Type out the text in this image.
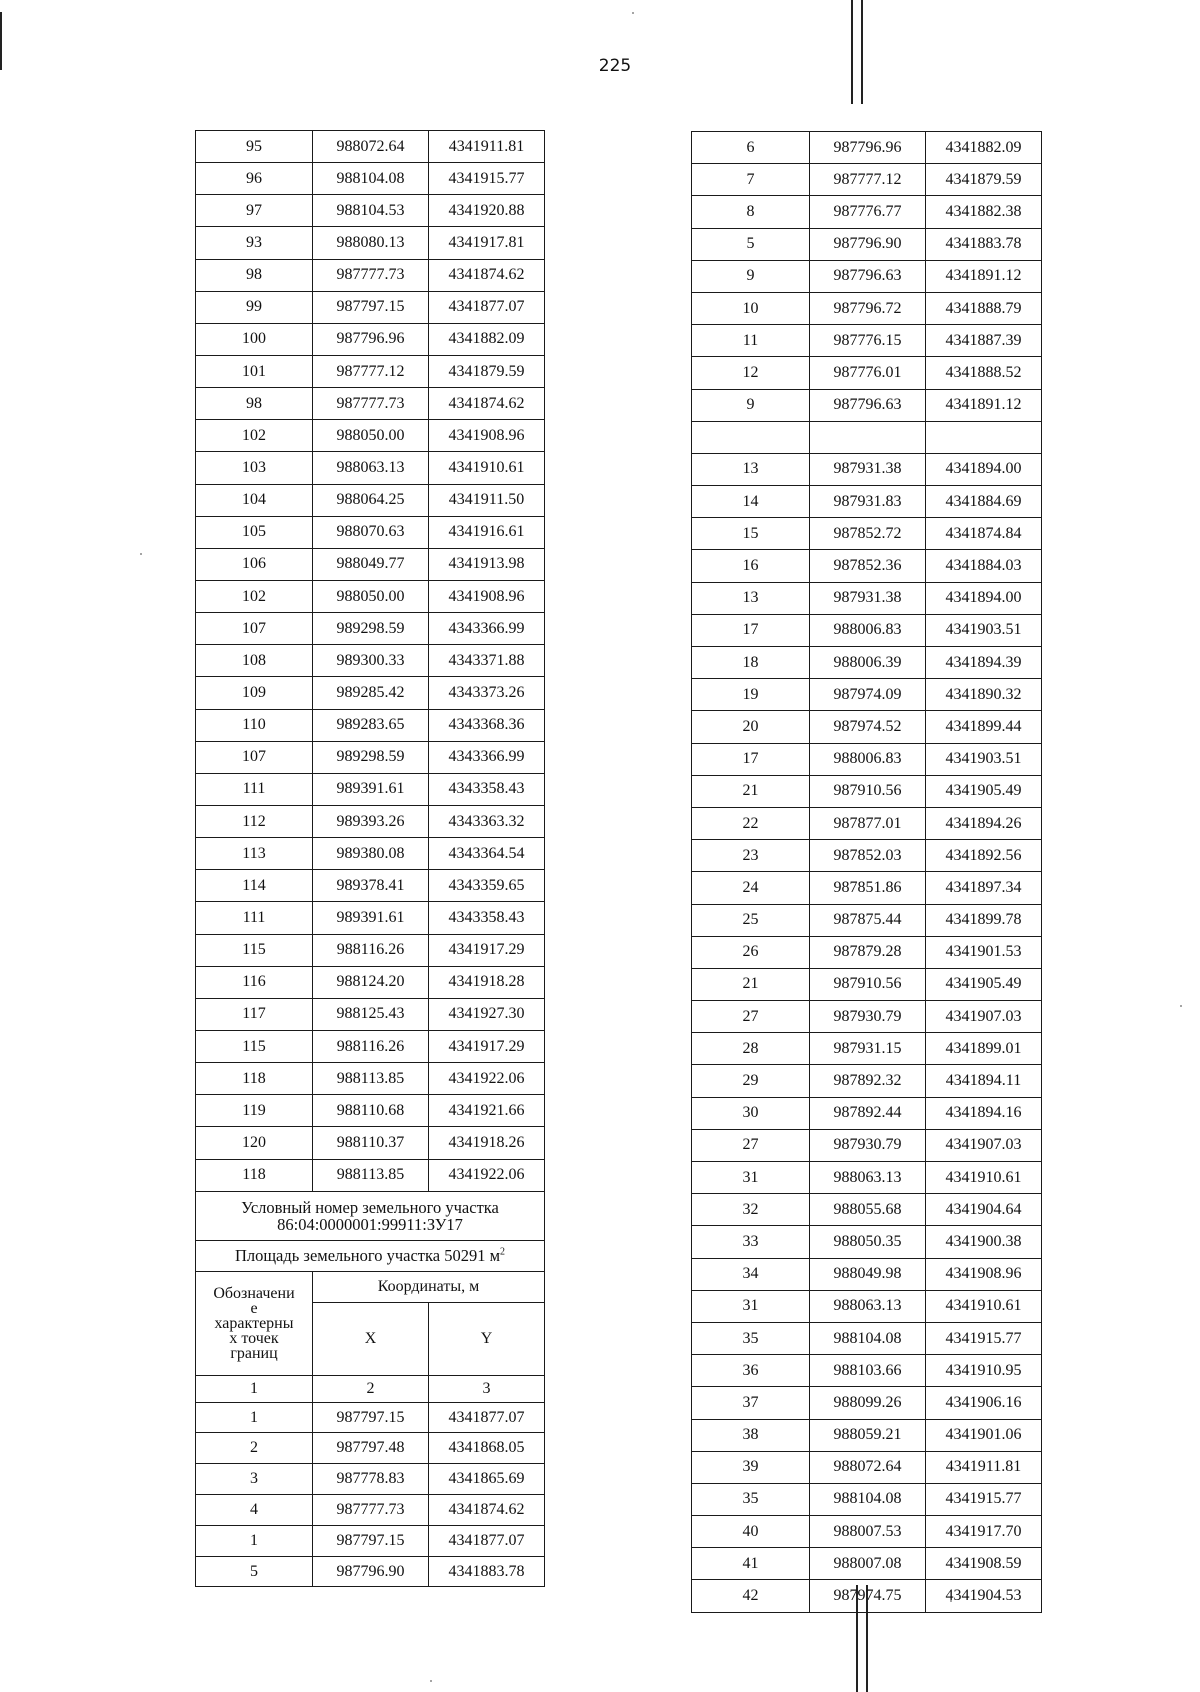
225
95	988072.64	4341911.81
96	988104.08	4341915.77
97	988104.53	4341920.88
93	988080.13	4341917.81
98	987777.73	4341874.62
99	987797.15	4341877.07
100	987796.96	4341882.09
101	987777.12	4341879.59
98	987777.73	4341874.62
102	988050.00	4341908.96
103	988063.13	4341910.61
104	988064.25	4341911.50
105	988070.63	4341916.61
106	988049.77	4341913.98
102	988050.00	4341908.96
107	989298.59	4343366.99
108	989300.33	4343371.88
109	989285.42	4343373.26
110	989283.65	4343368.36
107	989298.59	4343366.99
111	989391.61	4343358.43
112	989393.26	4343363.32
113	989380.08	4343364.54
114	989378.41	4343359.65
111	989391.61	4343358.43
115	988116.26	4341917.29
116	988124.20	4341918.28
117	988125.43	4341927.30
115	988116.26	4341917.29
118	988113.85	4341922.06
119	988110.68	4341921.66
120	988110.37	4341918.26
118	988113.85	4341922.06

Условный номер земельного участка
86:04:0000001:99911:ЗУ17		

Площадь земельного участка 50291 $м^2$

Обозначени
е
характерны
х точек
границ	Координаты, м	
	X	Y
1	2	3
1	987797.15	4341877.07
2	987797.48	4341868.05
3	987778.83	4341865.69
4	987777.73	4341874.62
1	987797.15	4341877.07
5	987796.90	4341883.78
6	987796.96	4341882.09
7	987777.12	4341879.59
8	987776.77	4341882.38
5	987796.90	4341883.78
9	987796.63	4341891.12
10	987796.72	4341888.79
11	987776.15	4341887.39
12	987776.01	4341888.52
9	987796.63	4341891.12

13	987931.38	4341894.00
14	987931.83	4341884.69
15	987852.72	4341874.84
16	987852.36	4341884.03
13	987931.38	4341894.00
17	988006.83	4341903.51
18	988006.39	4341894.39
19	987974.09	4341890.32
20	987974.52	4341899.44
17	988006.83	4341903.51
21	987910.56	4341905.49
22	987877.01	4341894.26
23	987852.03	4341892.56
24	987851.86	4341897.34
25	987875.44	4341899.78
26	987879.28	4341901.53
21	987910.56	4341905.49
27	987930.79	4341907.03
28	987931.15	4341899.01
29	987892.32	4341894.11
30	987892.44	4341894.16
27	987930.79	4341907.03
31	988063.13	4341910.61
32	988055.68	4341904.64
33	988050.35	4341900.38
34	988049.98	4341908.96
31	988063.13	4341910.61
35	988104.08	4341915.77
36	988103.66	4341910.95
37	988099.26	4341906.16
38	988059.21	4341901.06
39	988072.64	4341911.81
35	988104.08	4341915.77
40	988007.53	4341917.70
41	988007.08	4341908.59
42	987974.75	4341904.53
